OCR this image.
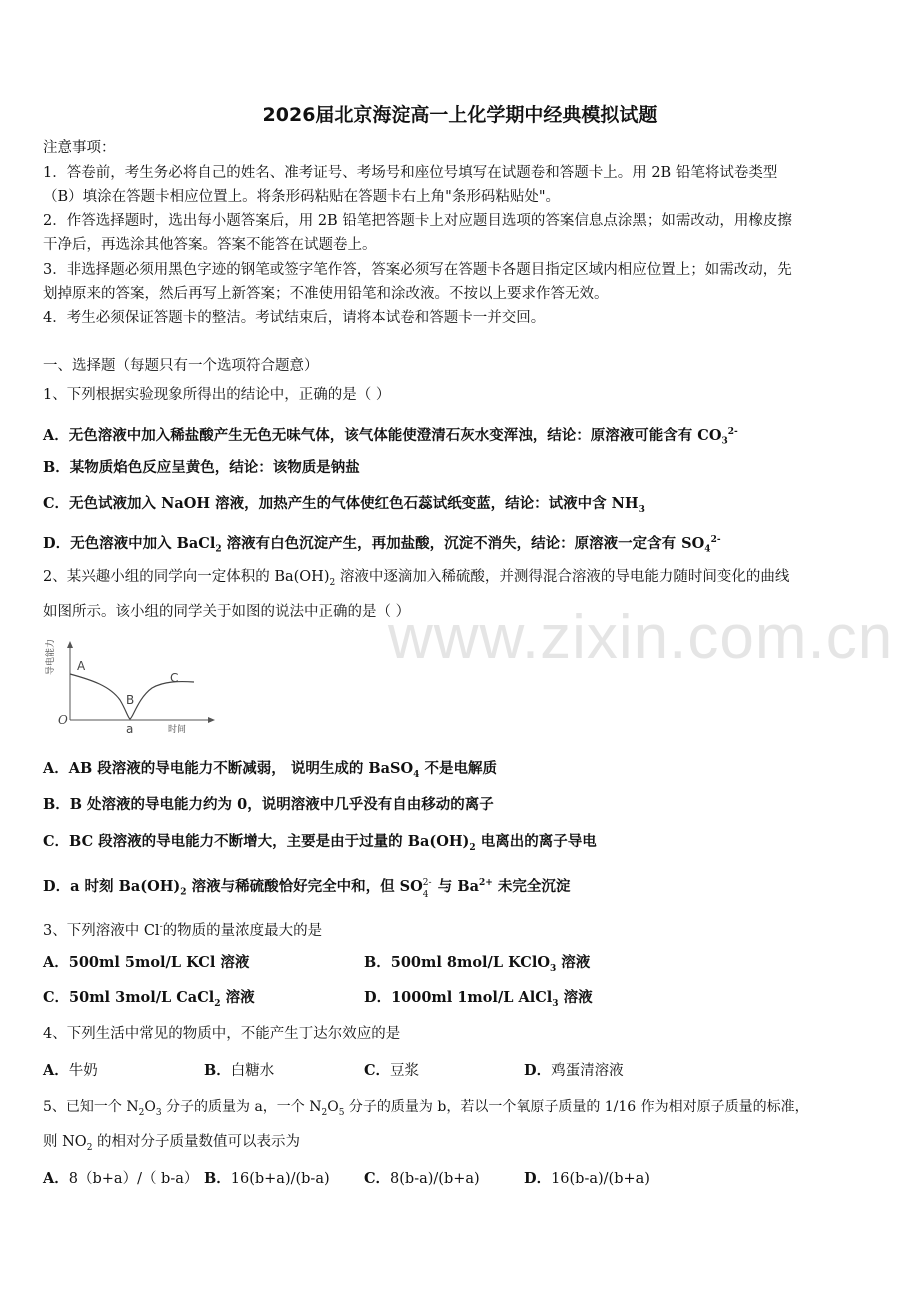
2026届北京海淀高一上化学期中经典模拟试题
注意事项：
1．答卷前，考生务必将自己的姓名、准考证号、考场号和座位号填写在试题卷和答题卡上。用 2B 铅笔将试卷类型
（B）填涂在答题卡相应位置上。将条形码粘贴在答题卡右上角"条形码粘贴处"。
2．作答选择题时，选出每小题答案后，用 2B 铅笔把答题卡上对应题目选项的答案信息点涂黑；如需改动，用橡皮擦
干净后，再选涂其他答案。答案不能答在试题卷上。
3．非选择题必须用黑色字迹的钢笔或签字笔作答，答案必须写在答题卡各题目指定区域内相应位置上；如需改动，先
划掉原来的答案，然后再写上新答案；不准使用铅笔和涂改液。不按以上要求作答无效。
4．考生必须保证答题卡的整洁。考试结束后，请将本试卷和答题卡一并交回。
一、选择题（每题只有一个选项符合题意）
1、下列根据实验现象所得出的结论中，正确的是（ ）
A．无色溶液中加入稀盐酸产生无色无味气体，该气体能使澄清石灰水变浑浊，结论：原溶液可能含有 $CO_3^{2-}$
B．某物质焰色反应呈黄色，结论：该物质是钠盐
C．无色试液加入 NaOH 溶液，加热产生的气体使红色石蕊试纸变蓝，结论：试液中含 $NH_3$
D．无色溶液中加入 BaCl$_2$ 溶液有白色沉淀产生，再加盐酸，沉淀不消失，结论：原溶液一定含有 $SO_4^{2-}$
2、某兴趣小组的同学向一定体积的 $Ba(OH)_2$ 溶液中逐滴加入稀硫酸，并测得混合溶液的导电能力随时间变化的曲线
如图所示。该小组的同学关于如图的说法中正确的是（ ）
导电能力 A
B
C
a
O
时间
A．AB 段溶液的导电能力不断减弱， 说明生成的 BaSO$_4$ 不是电解质
B．B 处溶液的导电能力约为 0，说明溶液中几乎没有自由移动的离子
C．BC 段溶液的导电能力不断增大，主要是由于过量的 $Ba(OH)_2$ 电离出的离子导电
D．a 时刻 $Ba(OH)_2$ 溶液与稀硫酸恰好完全中和，但 SO 2-
4 与 $Ba^{2+}$ 未完全沉淀
3、下列溶液中 Cl-的物质的量浓度最大的是
A．500ml 5mol/L KCl 溶液	B．500ml 8mol/L KClO$_3$ 溶液
C．50ml 3mol/L CaCl$_2$ 溶液	D．1000ml 1mol/L AlCl$_3$ 溶液
4、下列生活中常见的物质中，不能产生丁达尔效应的是
A．牛奶	B．白糖水	C．豆浆	D．鸡蛋清溶液
5、已知一个 $N_2O_3$ 分子的质量为 a，一个 $N_2O_5$ 分子的质量为 b，若以一个氧原子质量的 1/16 作为相对原子质量的标准，
则 $NO_2$ 的相对分子质量数值可以表示为
A．8（b+a）/（ b-a） B．16(b+a)/(b-a) C．8(b-a)/(b+a)	D．16(b-a)/(b+a)
www.zixin.com.cn
